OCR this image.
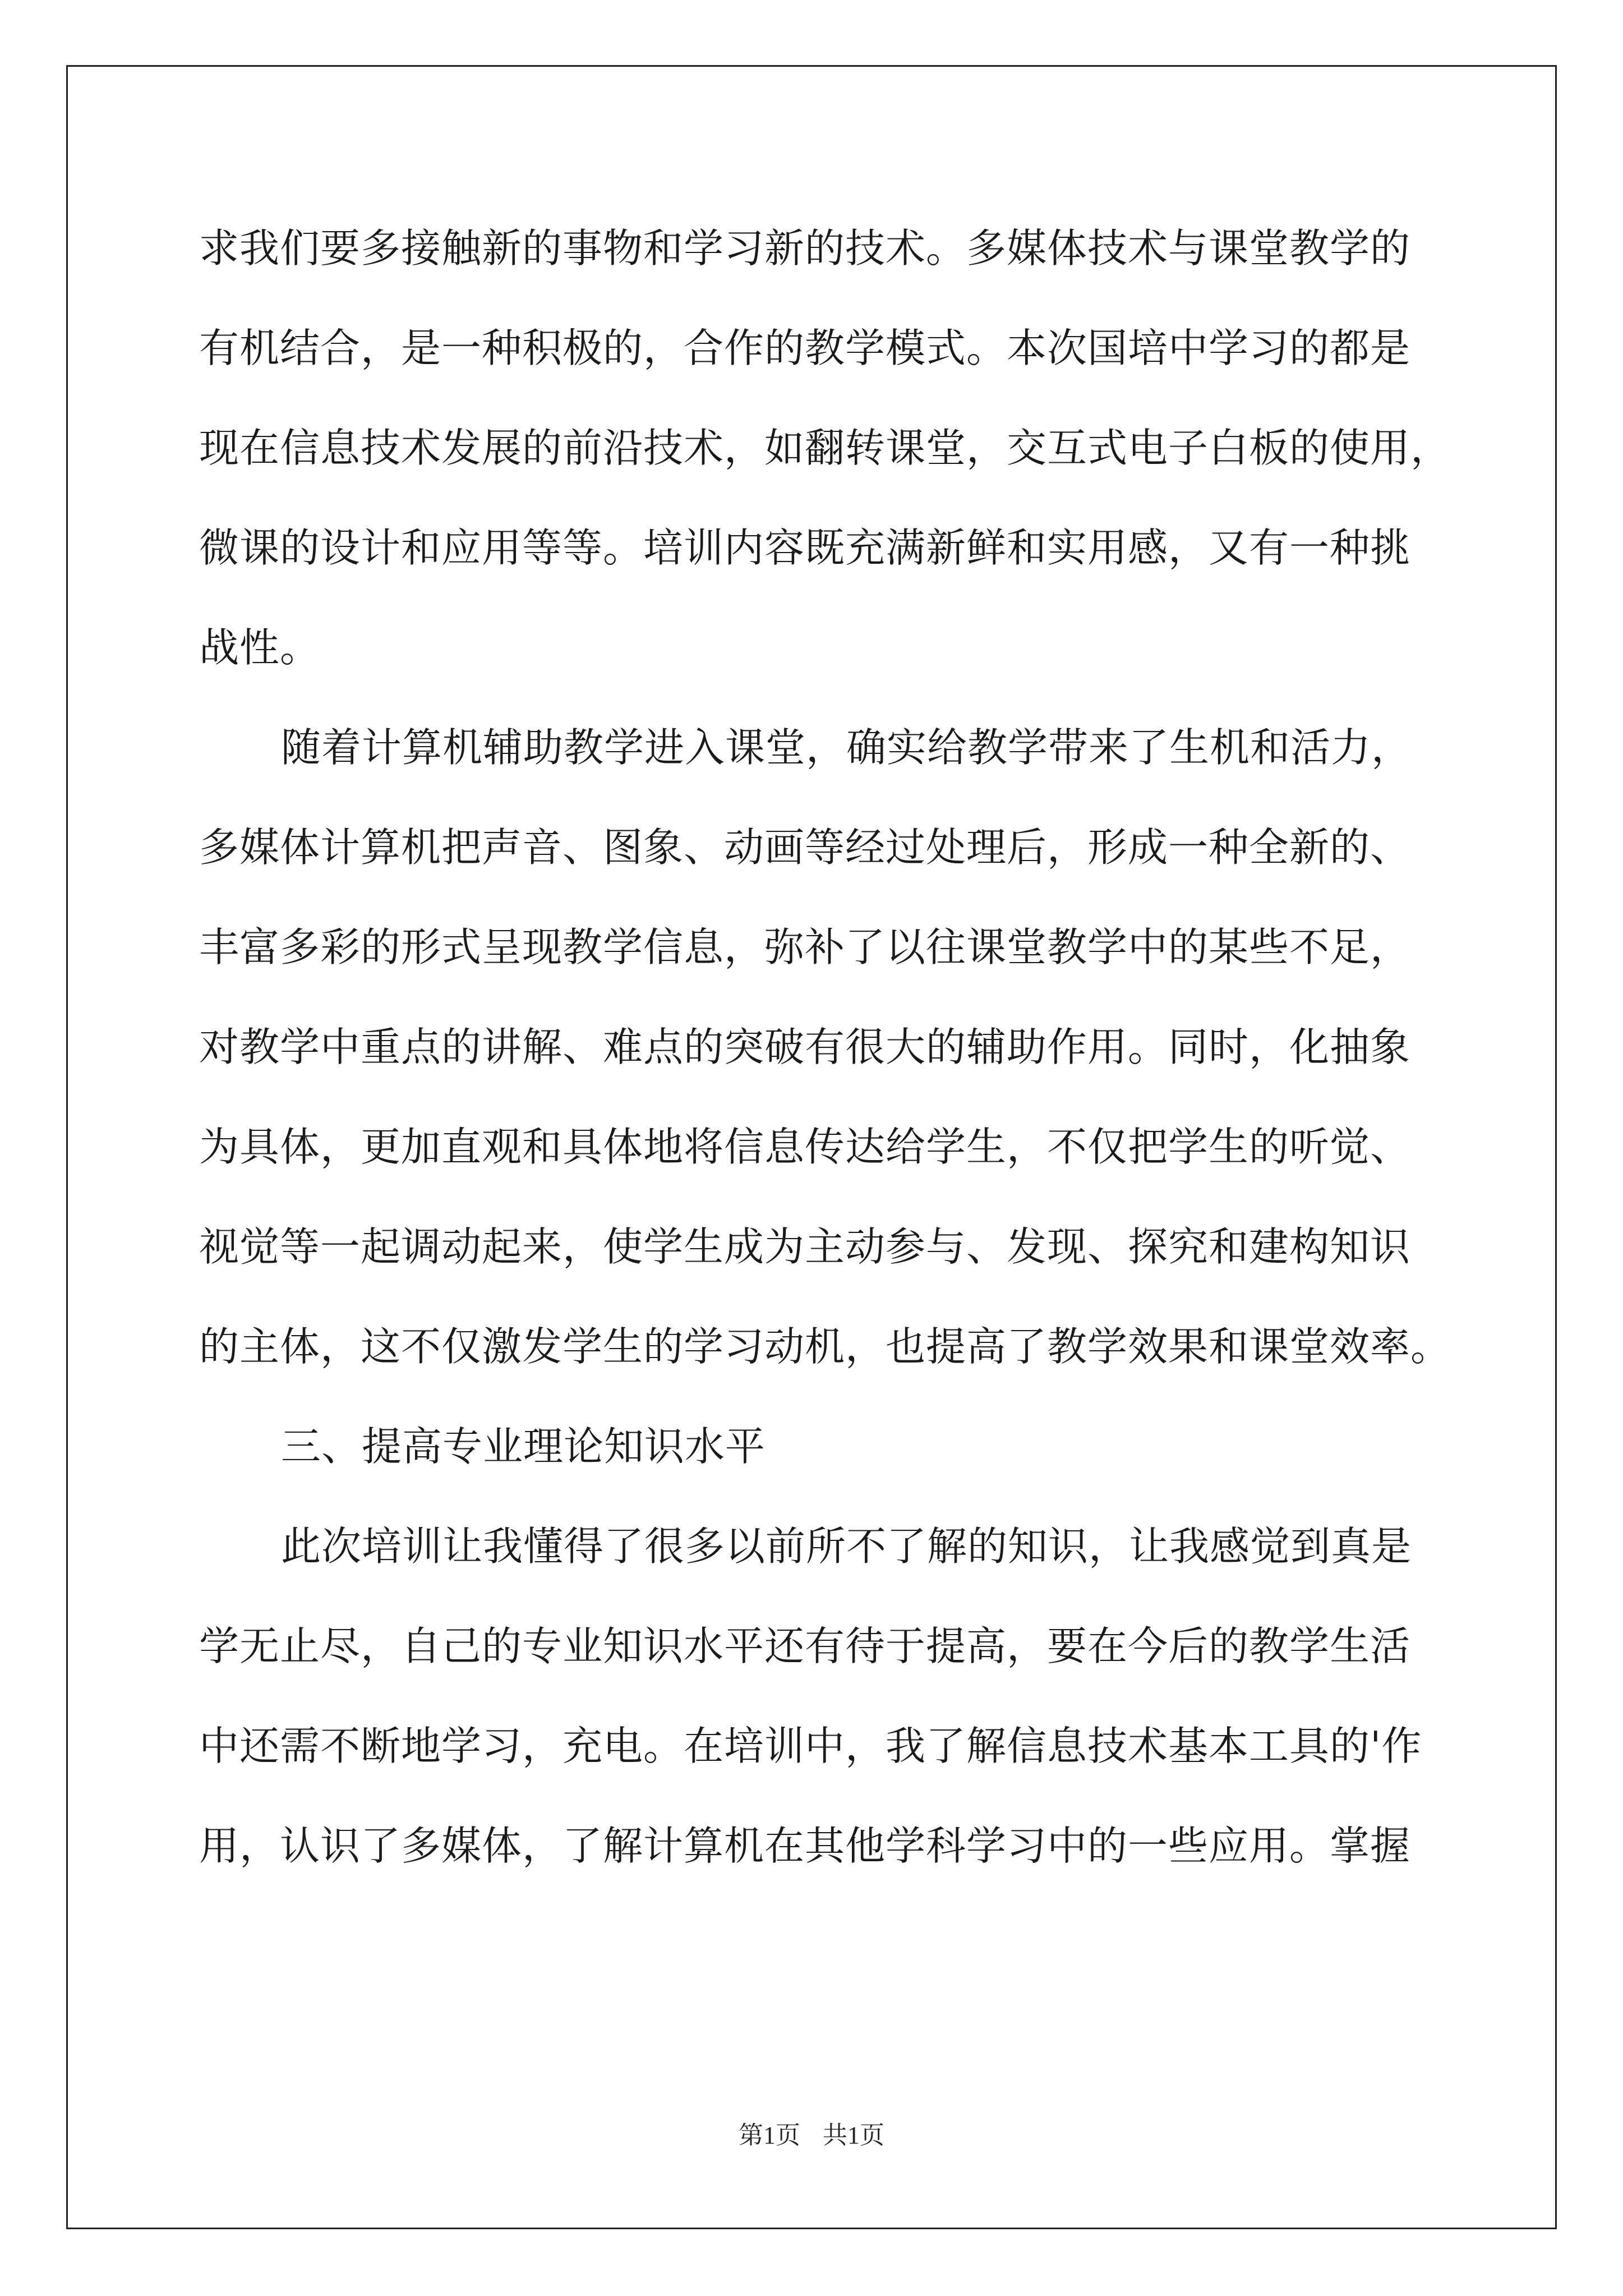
求我们要多接触新的事物和学习新的技术。多媒体技术与课堂教学的
有机结合，是一种积极的，合作的教学模式。本次国培中学习的都是
现在信息技术发展的前沿技术，如翻转课堂，交互式电子白板的使用，
微课的设计和应用等等。培训内容既充满新鲜和实用感，又有一种挑
战性。
随着计算机辅助教学进入课堂，确实给教学带来了生机和活力，
多媒体计算机把声音、图象、动画等经过处理后，形成一种全新的、
丰富多彩的形式呈现教学信息，弥补了以往课堂教学中的某些不足，
对教学中重点的讲解、难点的突破有很大的辅助作用。同时，化抽象
为具体，更加直观和具体地将信息传达给学生，不仅把学生的听觉、
视觉等一起调动起来，使学生成为主动参与、发现、探究和建构知识
的主体，这不仅激发学生的学习动机，也提高了教学效果和课堂效率。
三、提高专业理论知识水平
此次培训让我懂得了很多以前所不了解的知识，让我感觉到真是
学无止尽，自己的专业知识水平还有待于提高，要在今后的教学生活
中还需不断地学习，充电。在培训中，我了解信息技术基本工具的'作
用，认识了多媒体，了解计算机在其他学科学习中的一些应用。掌握
第1页 共1页
